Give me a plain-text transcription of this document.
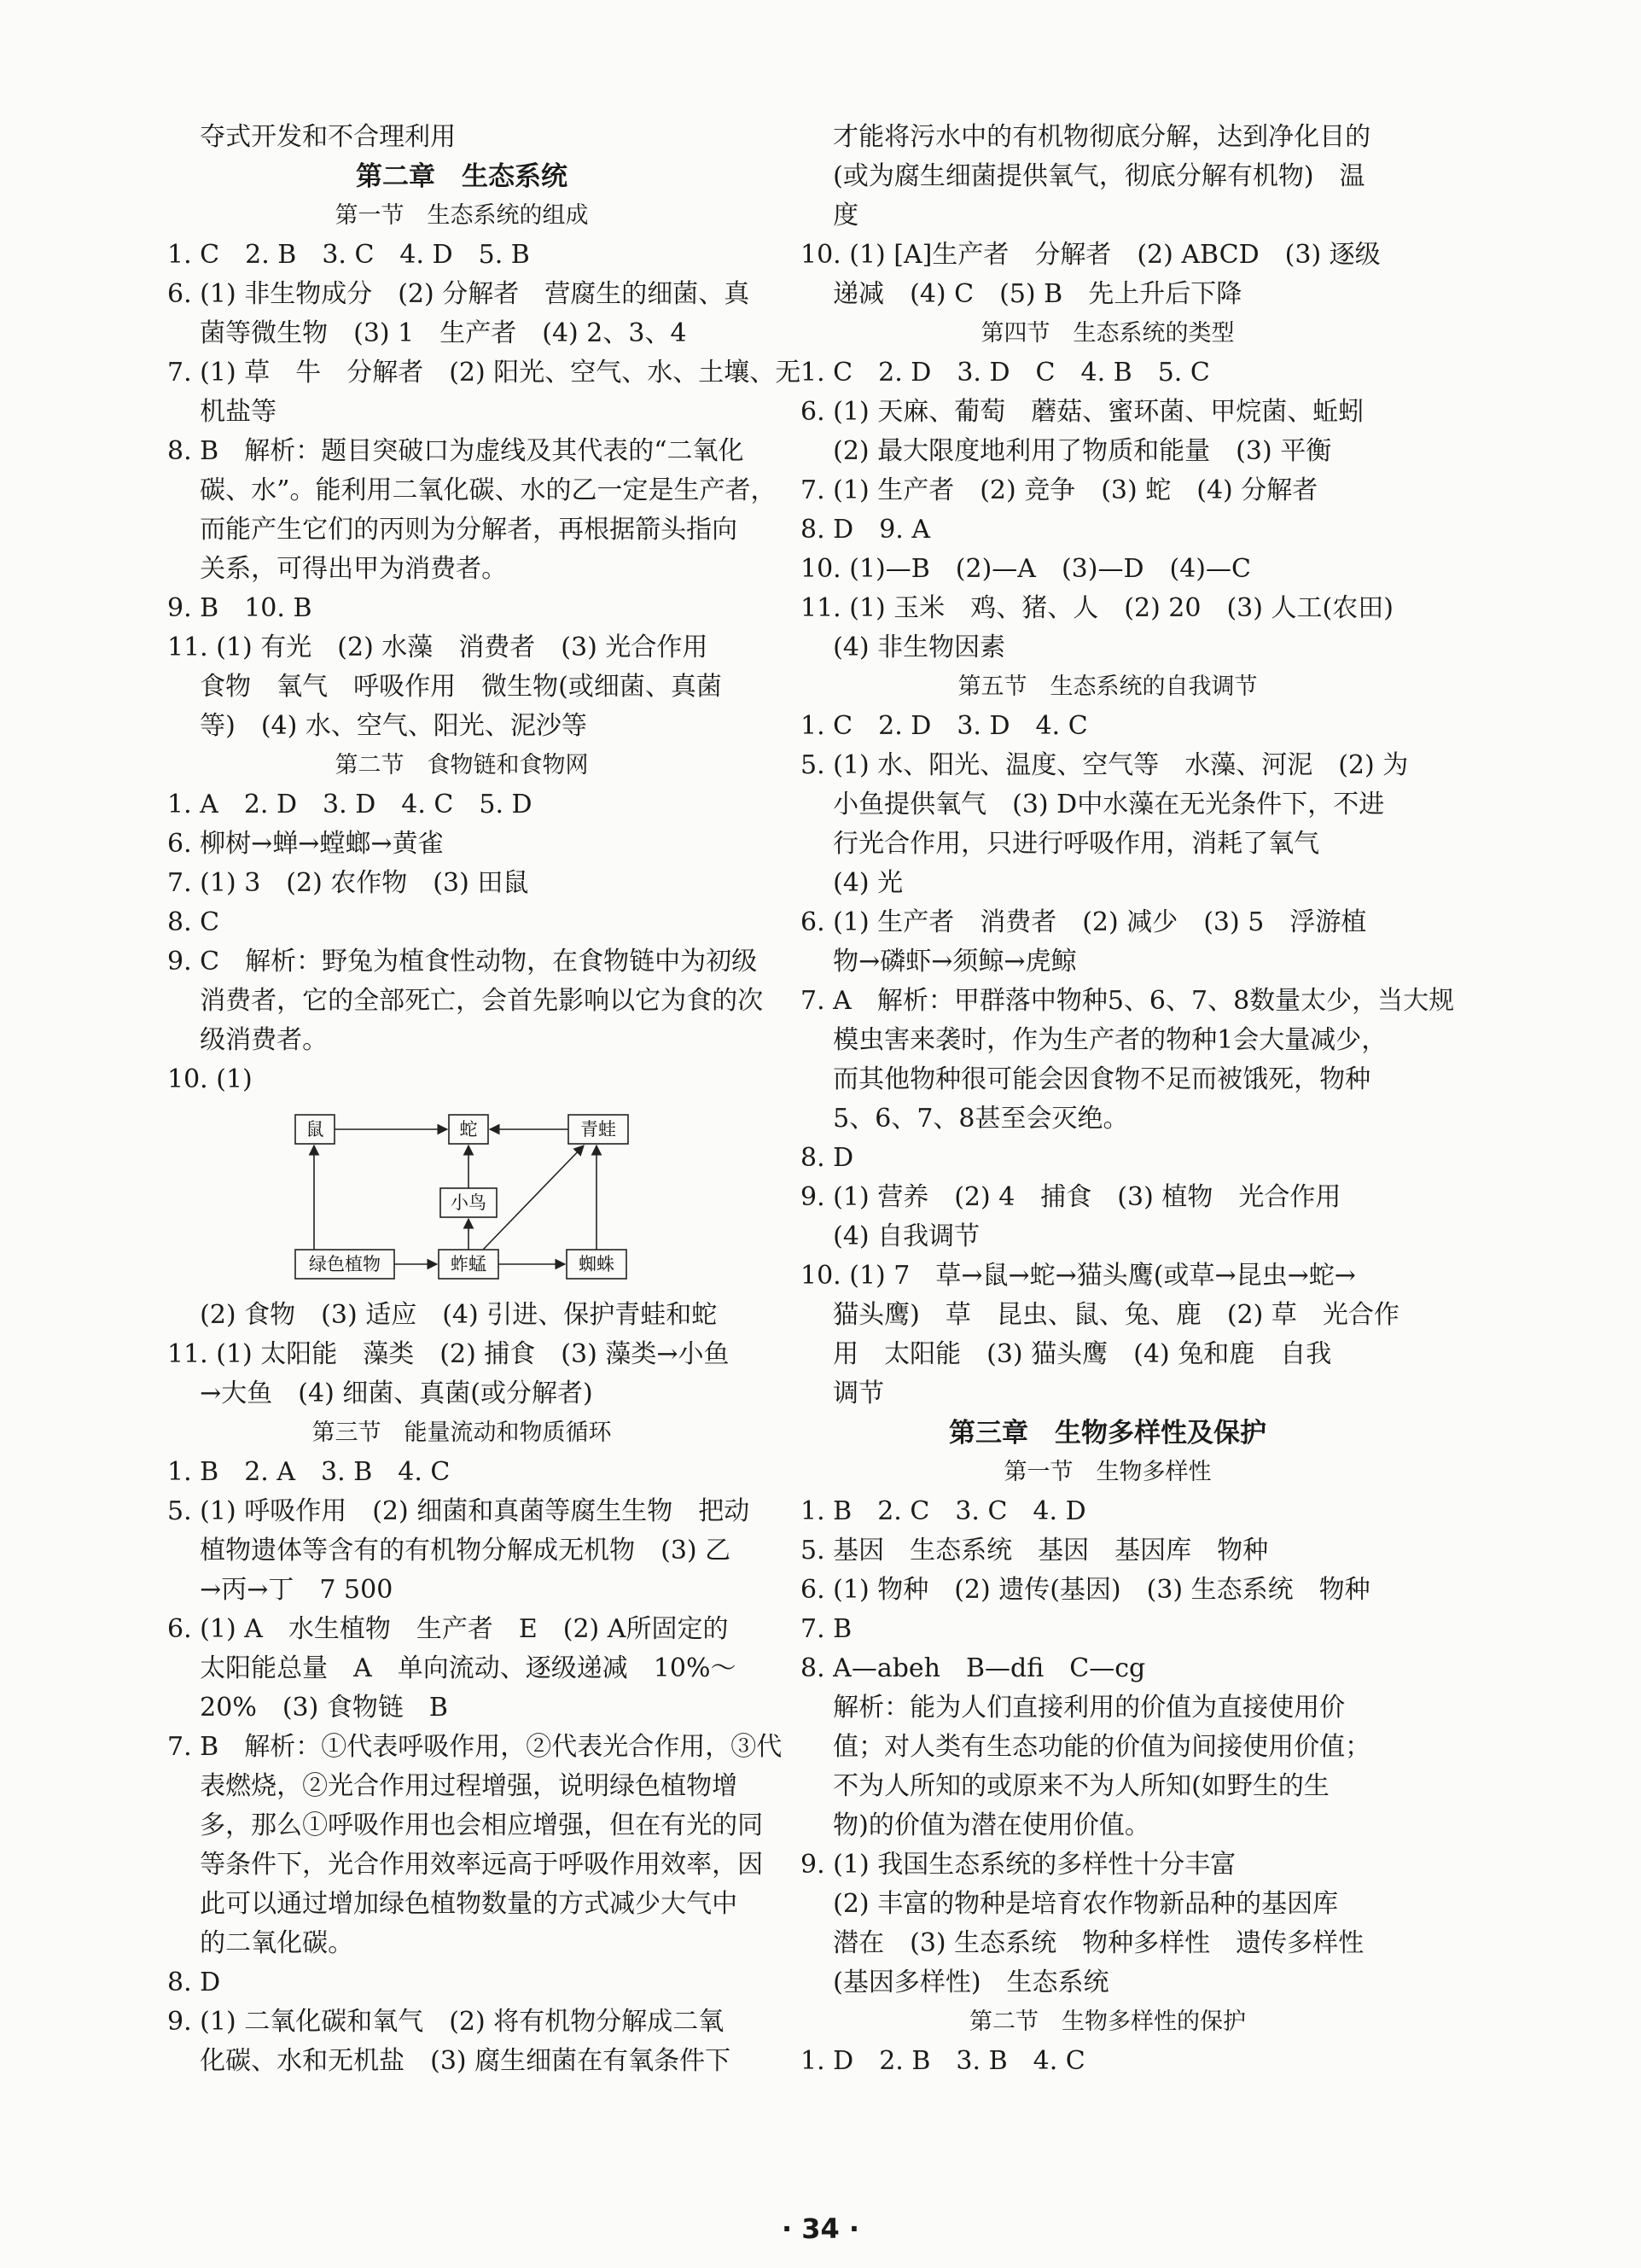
夺式开发和不合理利用
第二章　生态系统
第一节　生态系统的组成
1. C　2. B　3. C　4. D　5. B
6. (1) 非生物成分　(2) 分解者　营腐生的细菌、真
菌等微生物　(3) 1　生产者　(4) 2、3、4
7. (1) 草　牛　分解者　(2) 阳光、空气、水、土壤、无
机盐等
8. B　解析：题目突破口为虚线及其代表的“二氧化
碳、水”。能利用二氧化碳、水的乙一定是生产者，
而能产生它们的丙则为分解者，再根据箭头指向
关系，可得出甲为消费者。
9. B　10. B
11. (1) 有光　(2) 水藻　消费者　(3) 光合作用
食物　氧气　呼吸作用　微生物(或细菌、真菌
等)　(4) 水、空气、阳光、泥沙等
第二节　食物链和食物网
1. A　2. D　3. D　4. C　5. D
6. 柳树→蝉→螳螂→黄雀
7. (1) 3　(2) 农作物　(3) 田鼠
8. C
9. C　解析：野兔为植食性动物，在食物链中为初级
消费者，它的全部死亡，会首先影响以它为食的次
级消费者。
10. (1)
鼠	蛇	青蛙
小鸟
绿色植物	蚱蜢	蜘蛛
(2) 食物　(3) 适应　(4) 引进、保护青蛙和蛇
11. (1) 太阳能　藻类　(2) 捕食　(3) 藻类→小鱼
→大鱼　(4) 细菌、真菌(或分解者)
第三节　能量流动和物质循环
1. B　2. A　3. B　4. C
5. (1) 呼吸作用　(2) 细菌和真菌等腐生生物　把动
植物遗体等含有的有机物分解成无机物　(3) 乙
→丙→丁　7 500
6. (1) A　水生植物　生产者　E　(2) A所固定的
太阳能总量　A　单向流动、逐级递减　10%～
20%　(3) 食物链　B
7. B　解析：①代表呼吸作用，②代表光合作用，③代
表燃烧，②光合作用过程增强，说明绿色植物增
多，那么①呼吸作用也会相应增强，但在有光的同
等条件下，光合作用效率远高于呼吸作用效率，因
此可以通过增加绿色植物数量的方式减少大气中
的二氧化碳。
8. D
9. (1) 二氧化碳和氧气　(2) 将有机物分解成二氧
化碳、水和无机盐　(3) 腐生细菌在有氧条件下
才能将污水中的有机物彻底分解，达到净化目的
(或为腐生细菌提供氧气，彻底分解有机物)　温
度
10. (1) [A]生产者　分解者　(2) ABCD　(3) 逐级
递减　(4) C　(5) B　先上升后下降
第四节　生态系统的类型
1. C　2. D　3. D　C　4. B　5. C
6. (1) 天麻、葡萄　蘑菇、蜜环菌、甲烷菌、蚯蚓
(2) 最大限度地利用了物质和能量　(3) 平衡
7. (1) 生产者　(2) 竞争　(3) 蛇　(4) 分解者
8. D　9. A
10. (1)—B　(2)—A　(3)—D　(4)—C
11. (1) 玉米　鸡、猪、人　(2) 20　(3) 人工(农田)
(4) 非生物因素
第五节　生态系统的自我调节
1. C　2. D　3. D　4. C
5. (1) 水、阳光、温度、空气等　水藻、河泥　(2) 为
小鱼提供氧气　(3) D中水藻在无光条件下，不进
行光合作用，只进行呼吸作用，消耗了氧气
(4) 光
6. (1) 生产者　消费者　(2) 减少　(3) 5　浮游植
物→磷虾→须鲸→虎鲸
7. A　解析：甲群落中物种5、6、7、8数量太少，当大规
模虫害来袭时，作为生产者的物种1会大量减少，
而其他物种很可能会因食物不足而被饿死，物种
5、6、7、8甚至会灭绝。
8. D
9. (1) 营养　(2) 4　捕食　(3) 植物　光合作用
(4) 自我调节
10. (1) 7　草→鼠→蛇→猫头鹰(或草→昆虫→蛇→
猫头鹰)　草　昆虫、鼠、兔、鹿　(2) 草　光合作
用　太阳能　(3) 猫头鹰　(4) 兔和鹿　自我
调节
第三章　生物多样性及保护
第一节　生物多样性
1. B　2. C　3. C　4. D
5. 基因　生态系统　基因　基因库　物种
6. (1) 物种　(2) 遗传(基因)　(3) 生态系统　物种
7. B
8. A—abeh　B—dfi　C—cg
解析：能为人们直接利用的价值为直接使用价
值；对人类有生态功能的价值为间接使用价值；
不为人所知的或原来不为人所知(如野生的生
物)的价值为潜在使用价值。
9. (1) 我国生态系统的多样性十分丰富
(2) 丰富的物种是培育农作物新品种的基因库
潜在　(3) 生态系统　物种多样性　遗传多样性
(基因多样性)　生态系统
第二节　生物多样性的保护
1. D　2. B　3. B　4. C
· 34 ·
